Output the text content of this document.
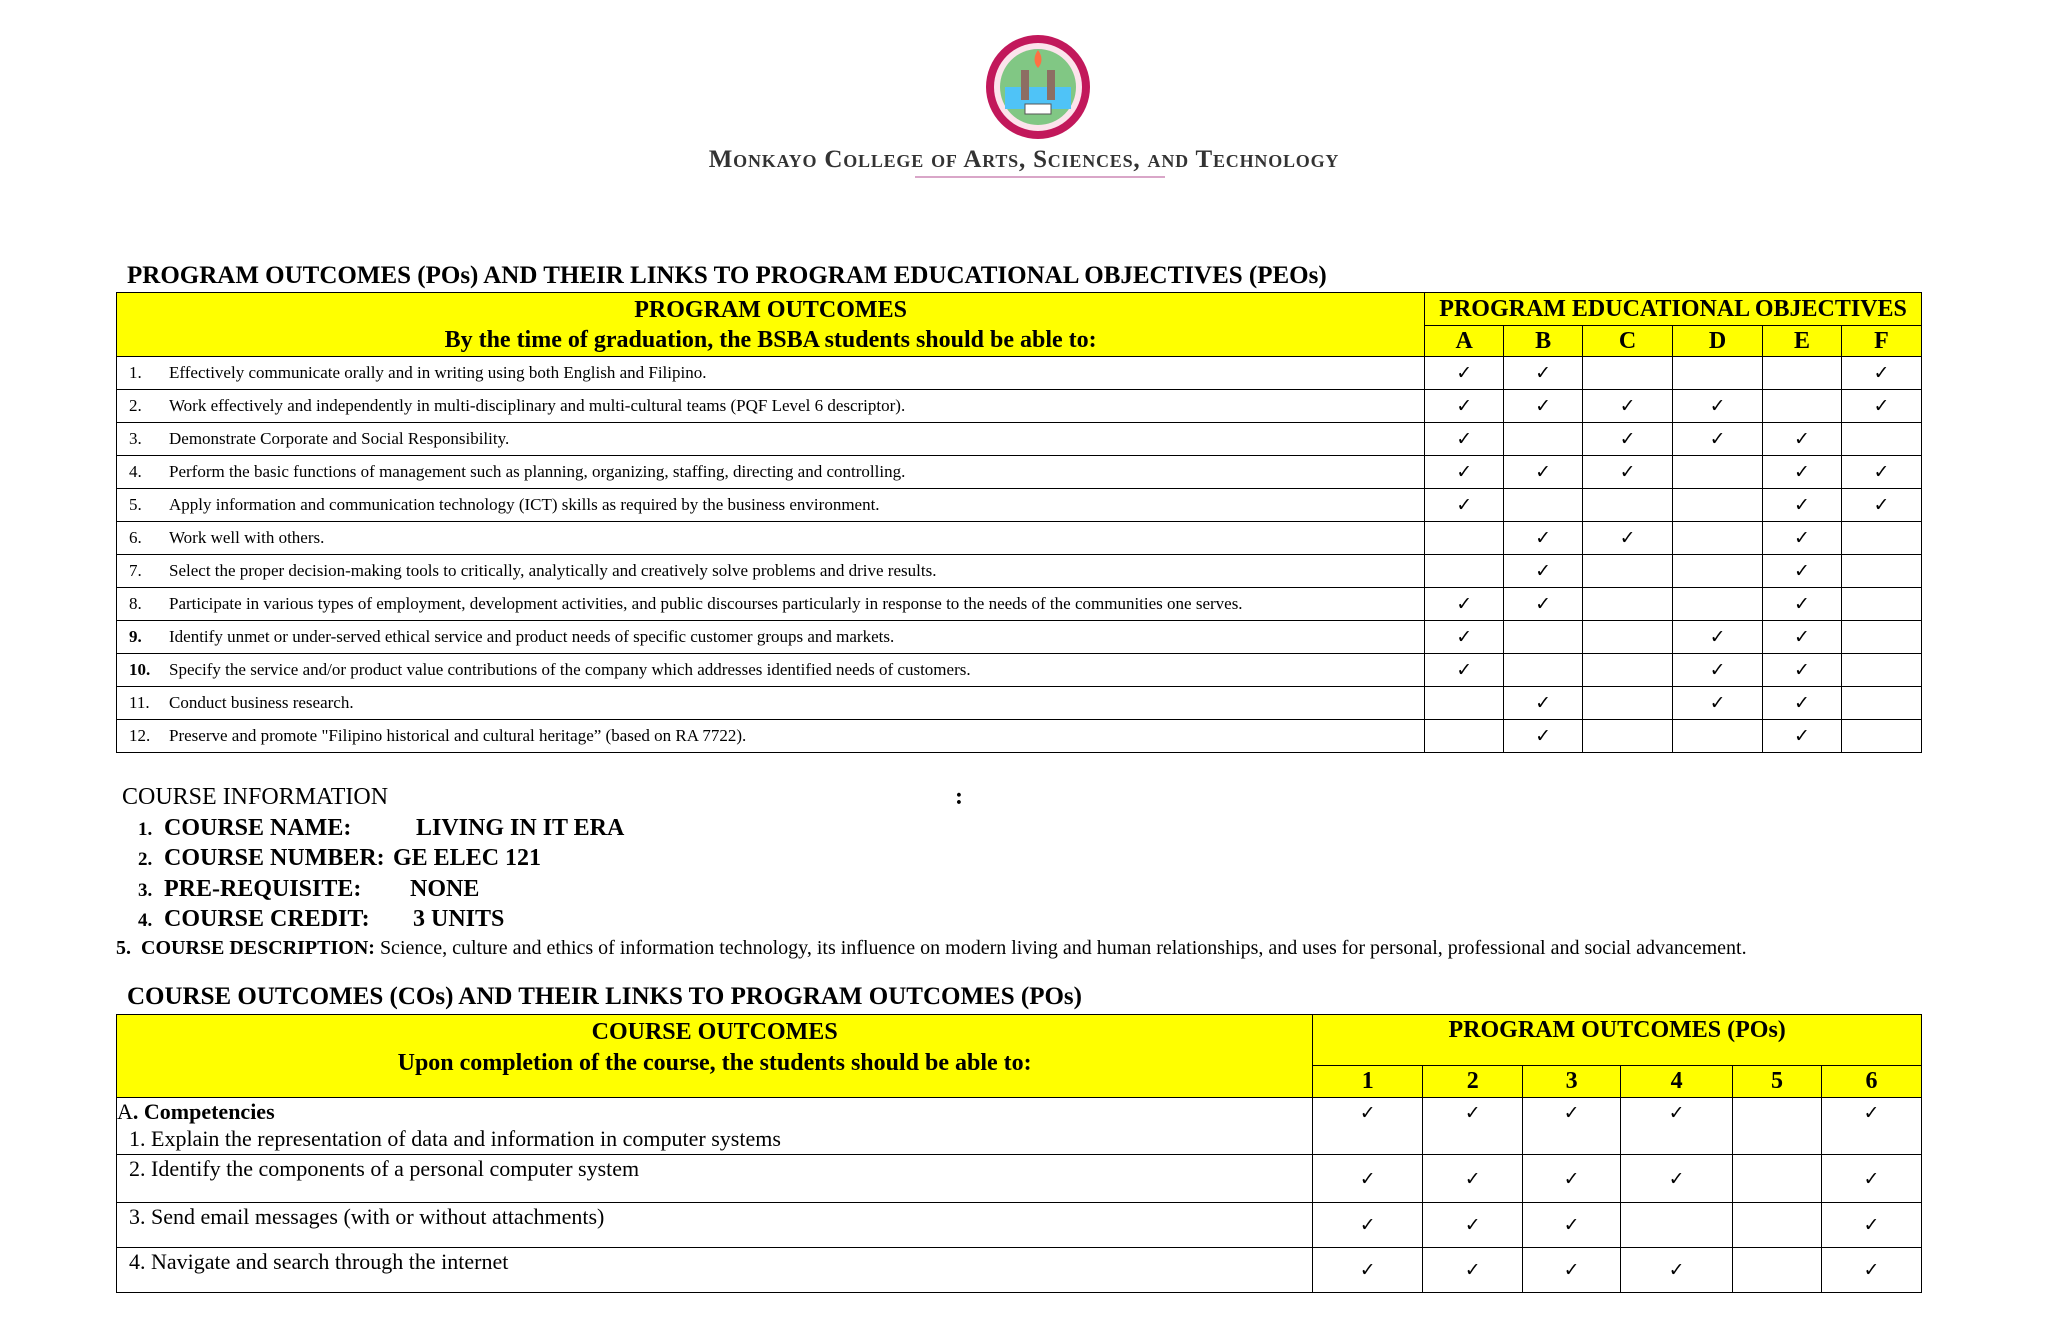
Monkayo College of Arts, Sciences, and Technology
PROGRAM OUTCOMES (POs) AND THEIR LINKS TO PROGRAM EDUCATIONAL OBJECTIVES (PEOs)
PROGRAM OUTCOMES
By the time of graduation, the BSBA students should be able to:	PROGRAM EDUCATIONAL OBJECTIVES					
	A	B	C	D	E	F
1. Effectively communicate orally and in writing using both English and Filipino.	✓	✓				✓
2. Work effectively and independently in multi-disciplinary and multi-cultural teams (PQF Level 6 descriptor).	✓	✓	✓	✓		✓
3. Demonstrate Corporate and Social Responsibility.	✓		✓	✓	✓	
4. Perform the basic functions of management such as planning, organizing, staffing, directing and controlling.	✓	✓	✓		✓	✓
5. Apply information and communication technology (ICT) skills as required by the business environment.	✓				✓	✓
6. Work well with others.		✓	✓		✓	
7. Select the proper decision-making tools to critically, analytically and creatively solve problems and drive results.		✓			✓	
8. Participate in various types of employment, development activities, and public discourses particularly in response to the needs of the communities one serves.	✓	✓			✓	
9. Identify unmet or under-served ethical service and product needs of specific customer groups and markets.	✓			✓	✓	
10. Specify the service and/or product value contributions of the company which addresses identified needs of customers.	✓			✓	✓	
11. Conduct business research.		✓		✓	✓	
12. Preserve and promote "Filipino historical and cultural heritage” (based on RA 7722).		✓			✓	
COURSE INFORMATION	:
1. COURSE NAME:	LIVING IN IT ERA
2. COURSE NUMBER: GE ELEC 121
3. PRE-REQUISITE: NONE
4. COURSE CREDIT: 3 UNITS
5. COURSE DESCRIPTION: Science, culture and ethics of information technology, its influence on modern living and human relationships, and uses for personal, professional and social advancement.
COURSE OUTCOMES (COs) AND THEIR LINKS TO PROGRAM OUTCOMES (POs)
COURSE OUTCOMES
Upon completion of the course, the students should be able to:	PROGRAM OUTCOMES (POs)					
	1	2	3	4	5	6

A. Competencies
1. Explain the representation of data and information in computer systems	✓	✓	✓	✓		✓

2. Identify the components of a personal computer system	✓	✓	✓	✓		✓

3. Send email messages (with or without attachments)	✓	✓	✓			✓

4. Navigate and search through the internet	✓	✓	✓	✓		✓
